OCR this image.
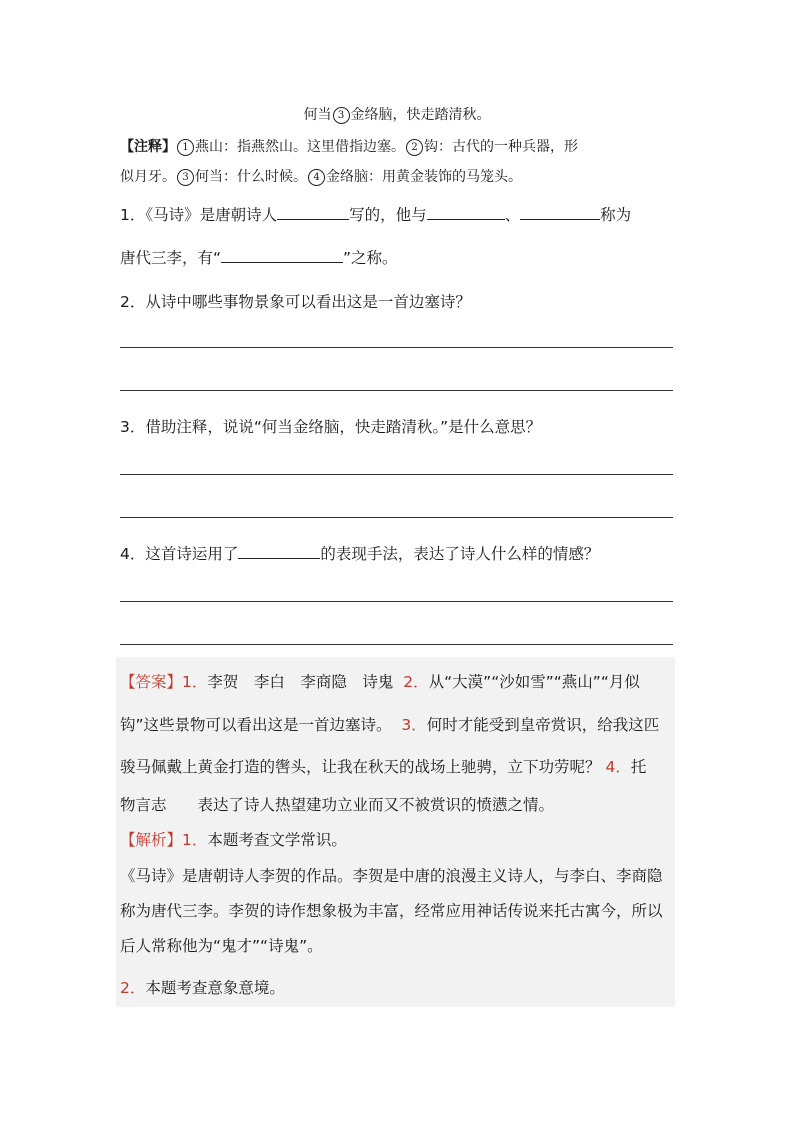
何当 3 金络脑，快走踏清秋。
【注释】 1 燕山：指燕然山。这里借指边塞。 2 钩：古代的一种兵器，形
似月牙。 3 何当：什么时候。 4 金络脑：用黄金装饰的马笼头。
1．《马诗》是唐朝诗人	写的，他与	、	称为
唐代三李，有“	”之称。
2．从诗中哪些事物景象可以看出这是一首边塞诗？
3．借助注释，说说“何当金络脑，快走踏清秋。”是什么意思？
4．这首诗运用了	的表现手法，表达了诗人什么样的情感？
【答案】1．李贺　李白　李商隐　诗鬼 2．从“大漠”“沙如雪”“燕山”“月似
钩”这些景物可以看出这是一首边塞诗。 3．何时才能受到皇帝赏识，给我这匹
骏马佩戴上黄金打造的辔头，让我在秋天的战场上驰骋，立下功劳呢？ 4．托
物言志　　表达了诗人热望建功立业而又不被赏识的愤懑之情。
【解析】1．本题考查文学常识。
《马诗》是唐朝诗人李贺的作品。李贺是中唐的浪漫主义诗人，与李白、李商隐
称为唐代三李。李贺的诗作想象极为丰富，经常应用神话传说来托古寓今，所以
后人常称他为“鬼才”“诗鬼”。
2．本题考查意象意境。
